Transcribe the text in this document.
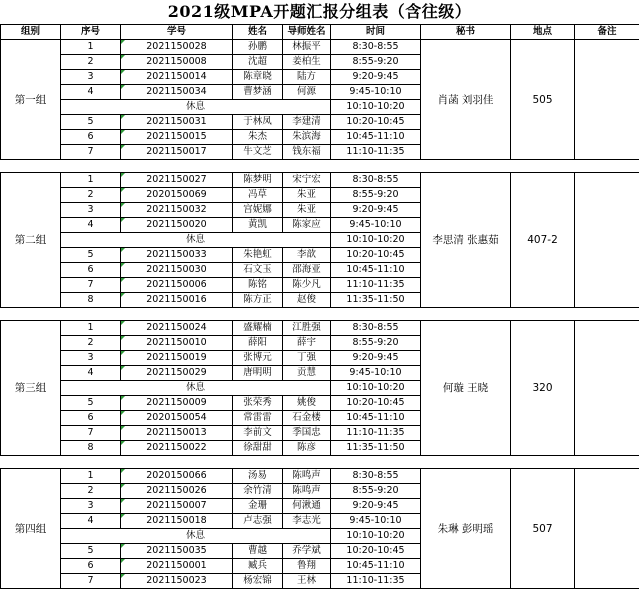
2021级MPA开题汇报分组表（含往级）
组别	序号	学号	姓名	导师姓名	时间	秘书	地点	备注
第一组	1	2021150028	孙鹏	林振平	8:30-8:55	肖菡 刘羽佳	505	
	2	2021150008	沈超	姜柏生	8:55-9:20			
	3	2021150014	陈章晓	陆方	9:20-9:45			
	4	2021150034	曹梦涵	何源	9:45-10:10			
	休息				10:10-10:20			
	5	2021150031	于林凤	李建清	10:20-10:45			
	6	2021150015	朱杰	朱滨海	10:45-11:10			
	7	2021150017	牛文芝	钱东福	11:10-11:35			

第二组	1	2021150027	陈梦明	宋宁宏	8:30-8:55	李思清 张惠茹	407-2	
	2	2020150069	冯草	朱亚	8:55-9:20			
	3	2021150032	宫妮娜	朱亚	9:20-9:45			
	4	2021150020	黄凯	陈家应	9:45-10:10			
	休息				10:10-10:20			
	5	2021150033	朱艳虹	李歆	10:20-10:45			
	6	2021150030	石文玉	邵海亚	10:45-11:10			
	7	2021150006	陈铭	陈少凡	11:10-11:35			
	8	2021150016	陈方正	赵俊	11:35-11:50			

第三组	1	2021150024	盛耀楠	江胜强	8:30-8:55	何璇 王晓	320	
	2	2021150010	薛阳	薛宇	8:55-9:20			
	3	2021150019	张博元	丁强	9:20-9:45			
	4	2021150029	唐明明	贡慧	9:45-10:10			
	休息				10:10-10:20			
	5	2021150009	张荣秀	姚俊	10:20-10:45			
	6	2020150054	常雷雷	石金楼	10:45-11:10			
	7	2021150013	李前文	季国忠	11:10-11:35			
	8	2021150022	徐甜甜	陈彦	11:35-11:50			

第四组	1	2020150066	汤易	陈鸣声	8:30-8:55	朱琳 彭明瑶	507	
	2	2021150026	余竹清	陈鸣声	8:55-9:20			
	3	2021150007	金珊	何湫通	9:20-9:45			
	4	2021150018	卢志强	李志光	9:45-10:10			
	休息				10:10-10:20			
	5	2021150035	曹越	乔学斌	10:20-10:45			
	6	2021150001	臧兵	鲁翔	10:45-11:10			
	7	2021150023	杨宏锦	王林	11:10-11:35			
